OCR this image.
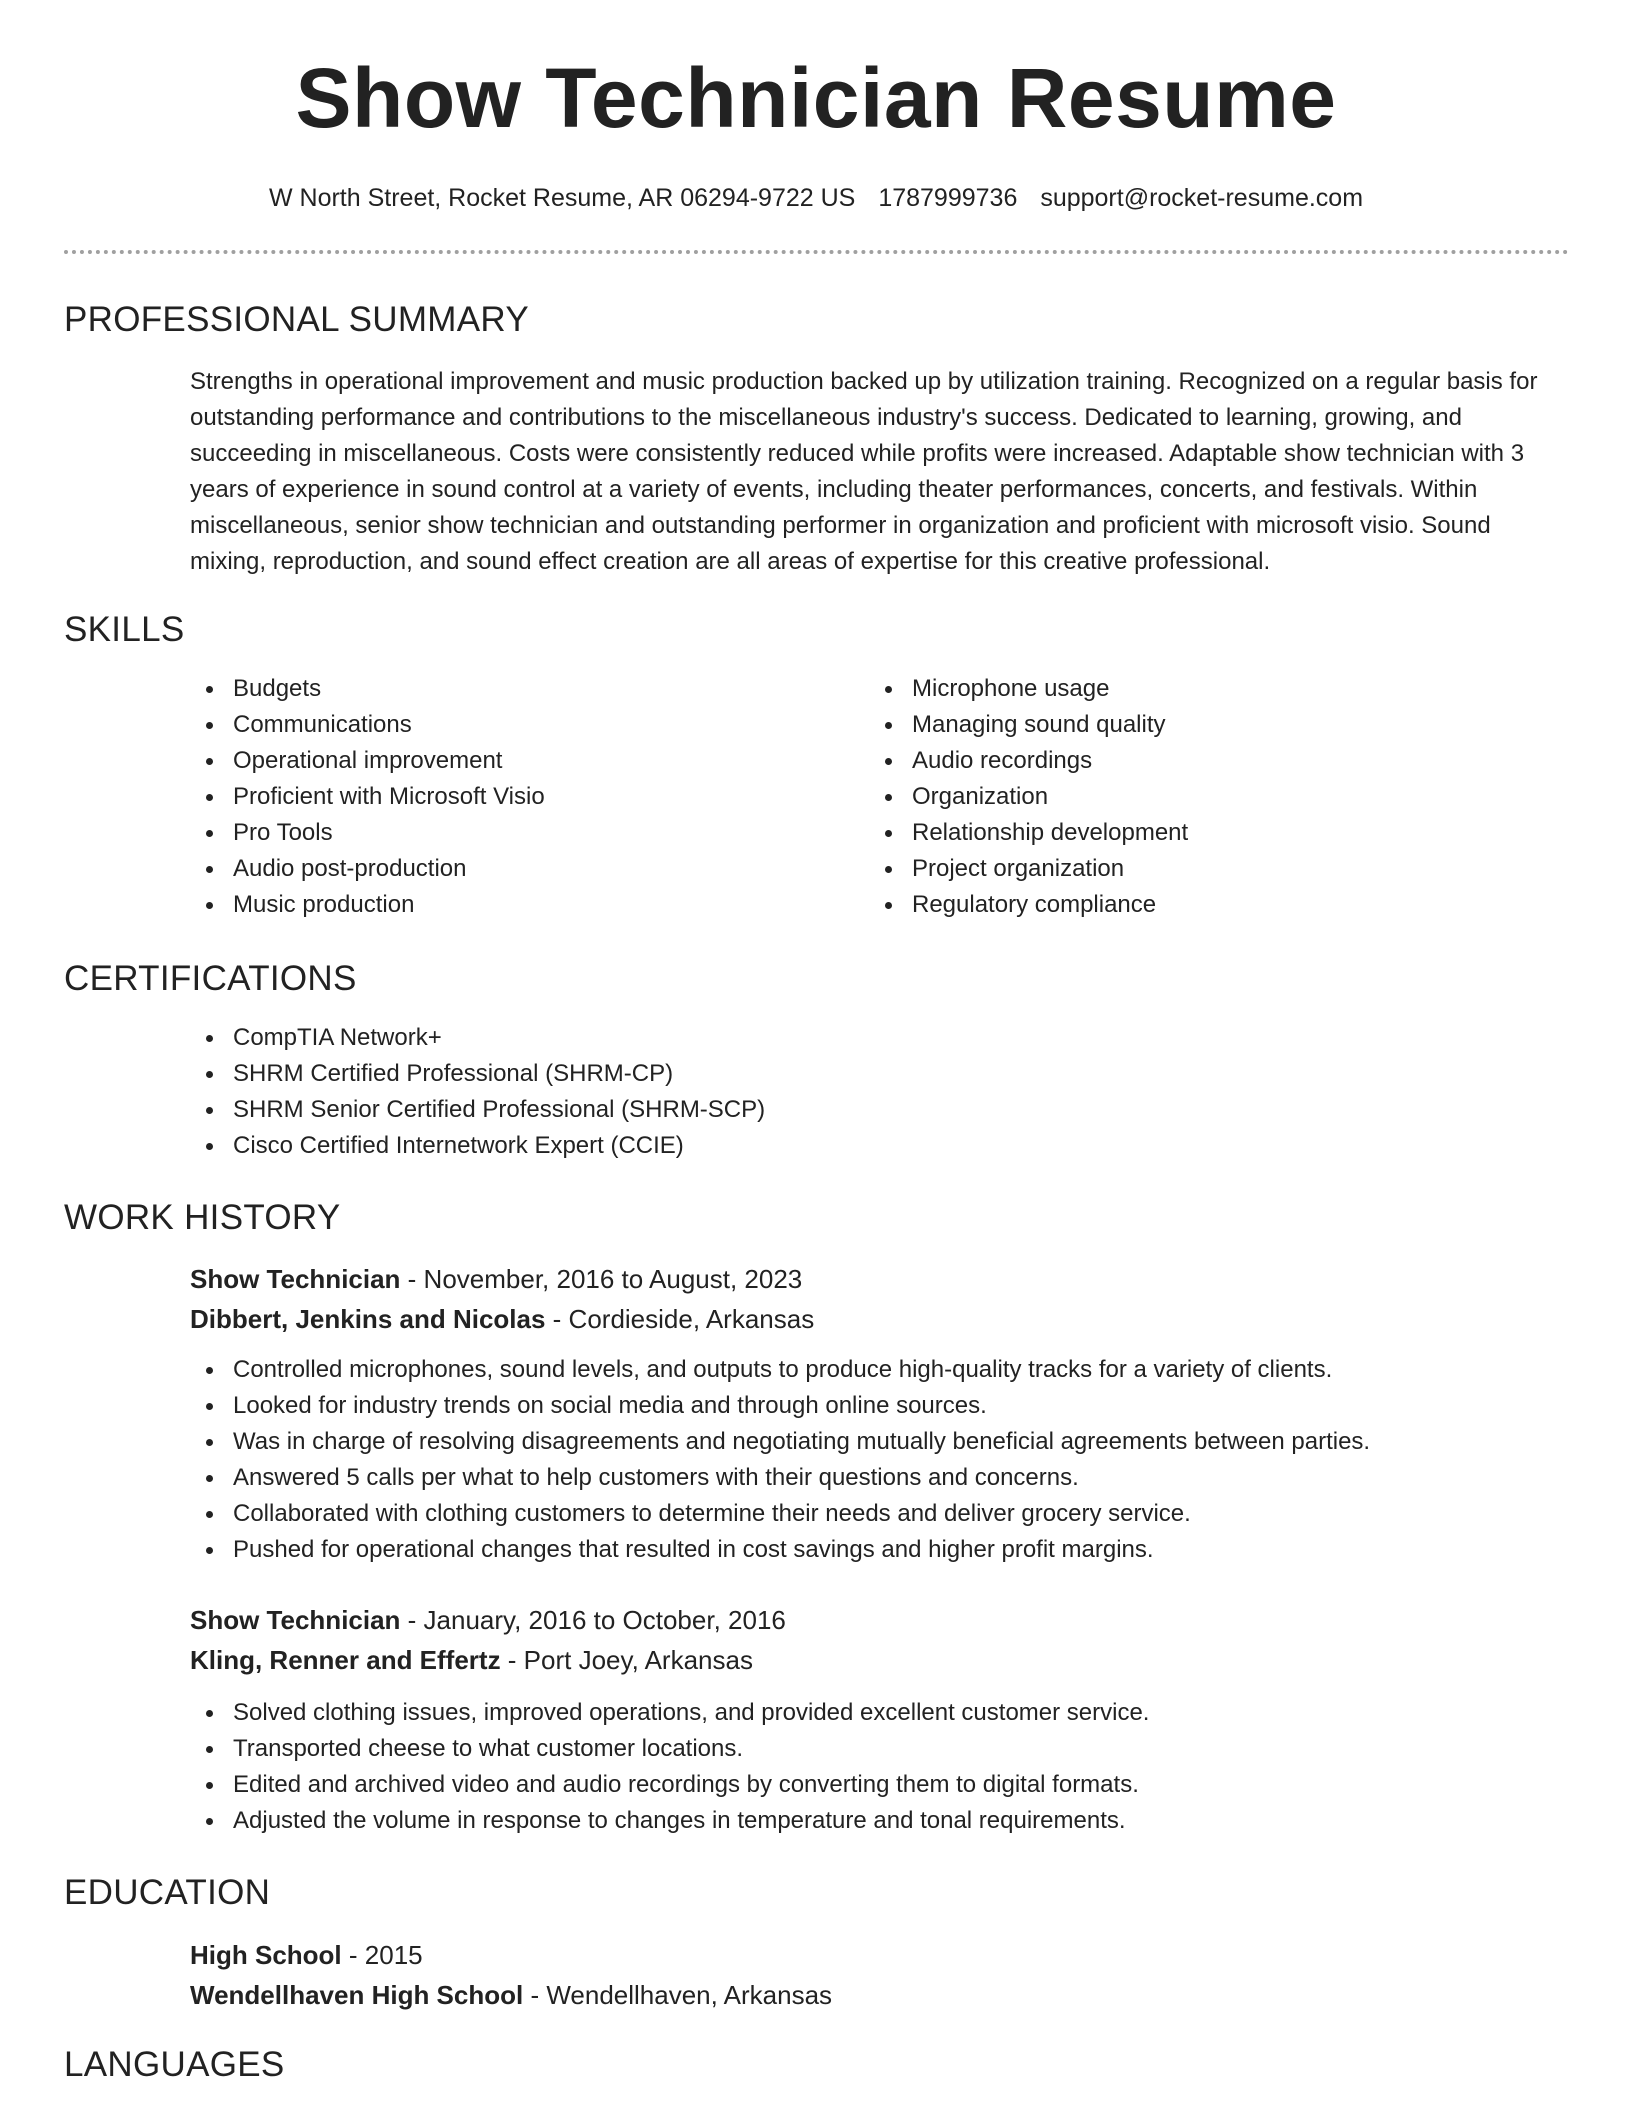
Show Technician Resume
W North Street, Rocket Resume, AR 06294-9722 US 1787999736 support@rocket-resume.com
PROFESSIONAL SUMMARY

Strengths in operational improvement and music production backed up by utilization training. Recognized on a regular basis for outstanding performance and contributions to the miscellaneous industry's success. Dedicated to learning, growing, and succeeding in miscellaneous. Costs were consistently reduced while profits were increased. Adaptable show technician with 3 years of experience in sound control at a variety of events, including theater performances, concerts, and festivals. Within miscellaneous, senior show technician and outstanding performer in organization and proficient with microsoft visio. Sound mixing, reproduction, and sound effect creation are all areas of expertise for this creative professional.

SKILLS
Budgets
Communications
Operational improvement
Proficient with Microsoft Visio
Pro Tools
Audio post-production
Music production
Microphone usage
Managing sound quality
Audio recordings
Organization
Relationship development
Project organization
Regulatory compliance
CERTIFICATIONS
CompTIA Network+
SHRM Certified Professional (SHRM-CP)
SHRM Senior Certified Professional (SHRM-SCP)
Cisco Certified Internetwork Expert (CCIE)
WORK HISTORY
Show Technician - November, 2016 to August, 2023
Dibbert, Jenkins and Nicolas - Cordieside, Arkansas
Controlled microphones, sound levels, and outputs to produce high-quality tracks for a variety of clients.
Looked for industry trends on social media and through online sources.
Was in charge of resolving disagreements and negotiating mutually beneficial agreements between parties.
Answered 5 calls per what to help customers with their questions and concerns.
Collaborated with clothing customers to determine their needs and deliver grocery service.
Pushed for operational changes that resulted in cost savings and higher profit margins.
Show Technician - January, 2016 to October, 2016
Kling, Renner and Effertz - Port Joey, Arkansas
Solved clothing issues, improved operations, and provided excellent customer service.
Transported cheese to what customer locations.
Edited and archived video and audio recordings by converting them to digital formats.
Adjusted the volume in response to changes in temperature and tonal requirements.
EDUCATION
High School - 2015
Wendellhaven High School - Wendellhaven, Arkansas
LANGUAGES
